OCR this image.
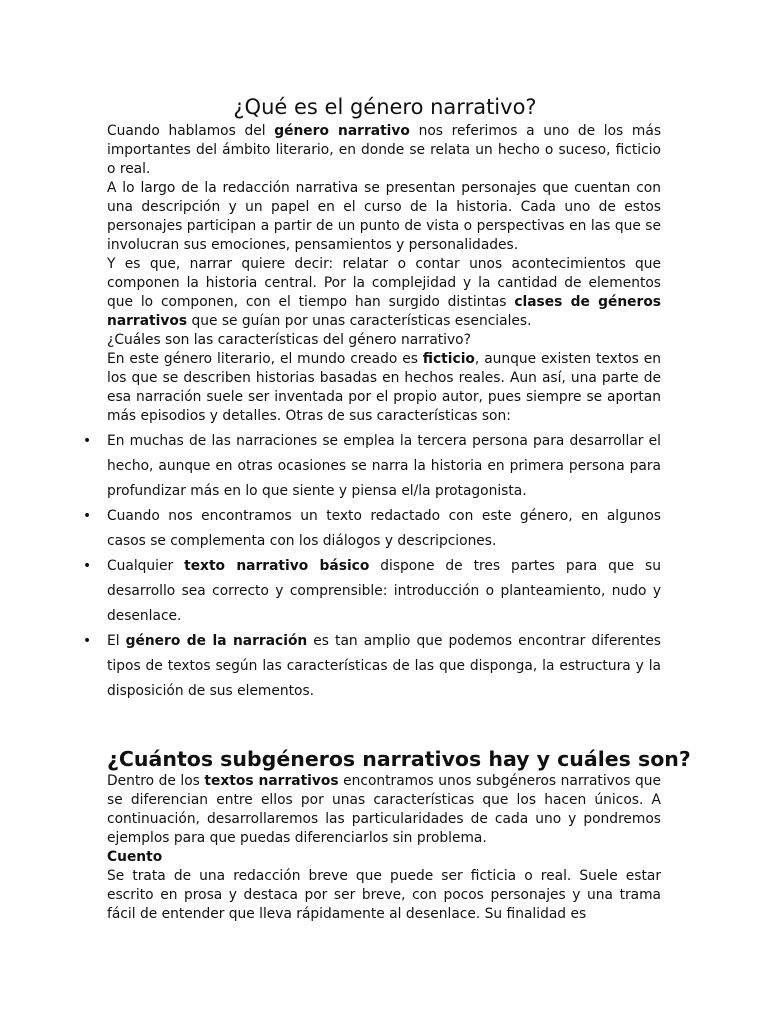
¿Qué es el género narrativo?

Cuando hablamos del género narrativo nos referimos a uno de los más importantes del ámbito literario, en donde se relata un hecho o suceso, ficticio o real.

A lo largo de la redacción narrativa se presentan personajes que cuentan con una descripción y un papel en el curso de la historia. Cada uno de estos personajes participan a partir de un punto de vista o perspectivas en las que se involucran sus emociones, pensamientos y personalidades.

Y es que, narrar quiere decir: relatar o contar unos acontecimientos que componen la historia central. Por la complejidad y la cantidad de elementos que lo componen, con el tiempo han surgido distintas clases de géneros narrativos que se guían por unas características esenciales.

¿Cuáles son las características del género narrativo?

En este género literario, el mundo creado es ficticio, aunque existen textos en los que se describen historias basadas en hechos reales. Aun así, una parte de esa narración suele ser inventada por el propio autor, pues siempre se aportan más episodios y detalles. Otras de sus características son:

• En muchas de las narraciones se emplea la tercera persona para desarrollar el hecho, aunque en otras ocasiones se narra la historia en primera persona para profundizar más en lo que siente y piensa el/la protagonista.
• Cuando nos encontramos un texto redactado con este género, en algunos casos se complementa con los diálogos y descripciones.
• Cualquier texto narrativo básico dispone de tres partes para que su desarrollo sea correcto y comprensible: introducción o planteamiento, nudo y desenlace.
• El género de la narración es tan amplio que podemos encontrar diferentes tipos de textos según las características de las que disponga, la estructura y la disposición de sus elementos.
¿Cuántos subgéneros narrativos hay y cuáles son?

Dentro de los textos narrativos encontramos unos subgéneros narrativos que se diferencian entre ellos por unas características que los hacen únicos. A continuación, desarrollaremos las particularidades de cada uno y pondremos ejemplos para que puedas diferenciarlos sin problema.

Cuento

Se trata de una redacción breve que puede ser ficticia o real. Suele estar escrito en prosa y destaca por ser breve, con pocos personajes y una trama fácil de entender que lleva rápidamente al desenlace. Su finalidad es
